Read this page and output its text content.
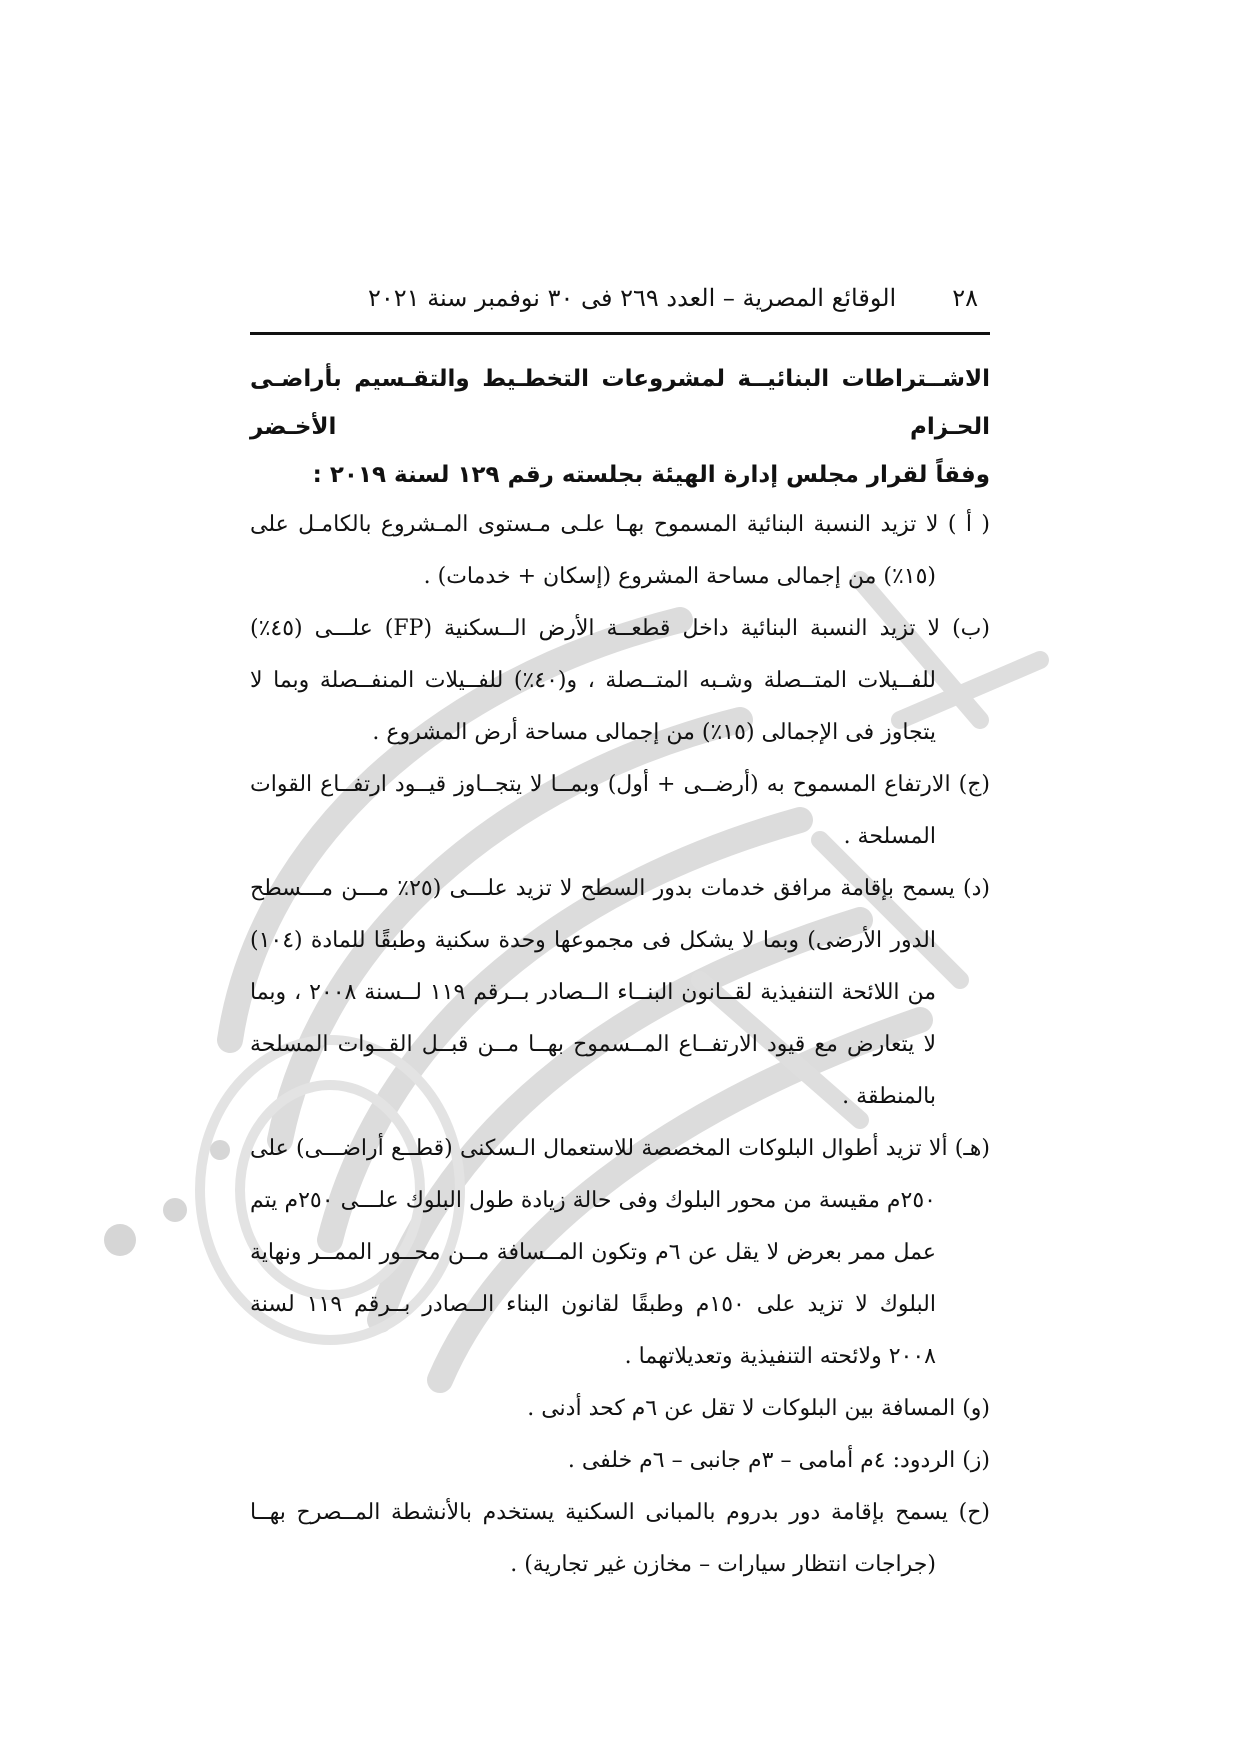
٢٨
الوقائع المصرية – العدد ٢٦٩ فى ٣٠ نوفمبر سنة ٢٠٢١

الاشــتراطات البنائيــة لمشروعات التخطـيط والتقـسيم بأراضـى الحـزام الأخـضر

وفقاً لقرار مجلس إدارة الهيئة بجلسته رقم ١٢٩ لسنة ٢٠١٩ :

( أ ) لا تزيد النسبة البنائية المسموح بهـا علـى مـستوى المـشروع بالكامـل على (١٥٪) من إجمالى مساحة المشروع (إسكان + خدمات) .

(ب) لا تزيد النسبة البنائية داخل قطعــة الأرض الــسكنية (FP) علـــى (٤٥٪) للفــيلات المتــصلة وشـبه المتــصلة ، و(٤٠٪) للفــيلات المنفــصلة وبما لا يتجاوز فى الإجمالى (١٥٪) من إجمالى مساحة أرض المشروع .

(ج) الارتفاع المسموح به (أرضــى + أول) وبمــا لا يتجــاوز قيــود ارتفــاع القوات المسلحة .

(د) يسمح بإقامة مرافق خدمات بدور السطح لا تزيد علـــى (٢٥٪ مـــن مـــسطح الدور الأرضى) وبما لا يشكل فى مجموعها وحدة سكنية وطبقًا للمادة (١٠٤) من اللائحة التنفيذية لقــانون البنــاء الــصادر بــرقم ١١٩ لــسنة ٢٠٠٨ ، وبما لا يتعارض مع قيود الارتفــاع المــسموح بهــا مــن قبــل القــوات المسلحة بالمنطقة .

(هـ) ألا تزيد أطوال البلوكات المخصصة للاستعمال الـسكنى (قطــع أراضـــى) على ٢٥٠م مقيسة من محور البلوك وفى حالة زيادة طول البلوك علـــى ٢٥٠م يتم عمل ممر بعرض لا يقل عن ٦م وتكون المــسافة مــن محــور الممــر ونهاية البلوك لا تزيد على ١٥٠م وطبقًا لقانون البناء الــصادر بــرقم ١١٩ لسنة ٢٠٠٨ ولائحته التنفيذية وتعديلاتهما .

(و) المسافة بين البلوكات لا تقل عن ٦م كحد أدنى .

(ز) الردود: ٤م أمامى – ٣م جانبى – ٦م خلفى .

(ح) يسمح بإقامة دور بدروم بالمبانى السكنية يستخدم بالأنشطة المــصرح بهــا (جراجات انتظار سيارات – مخازن غير تجارية) .
